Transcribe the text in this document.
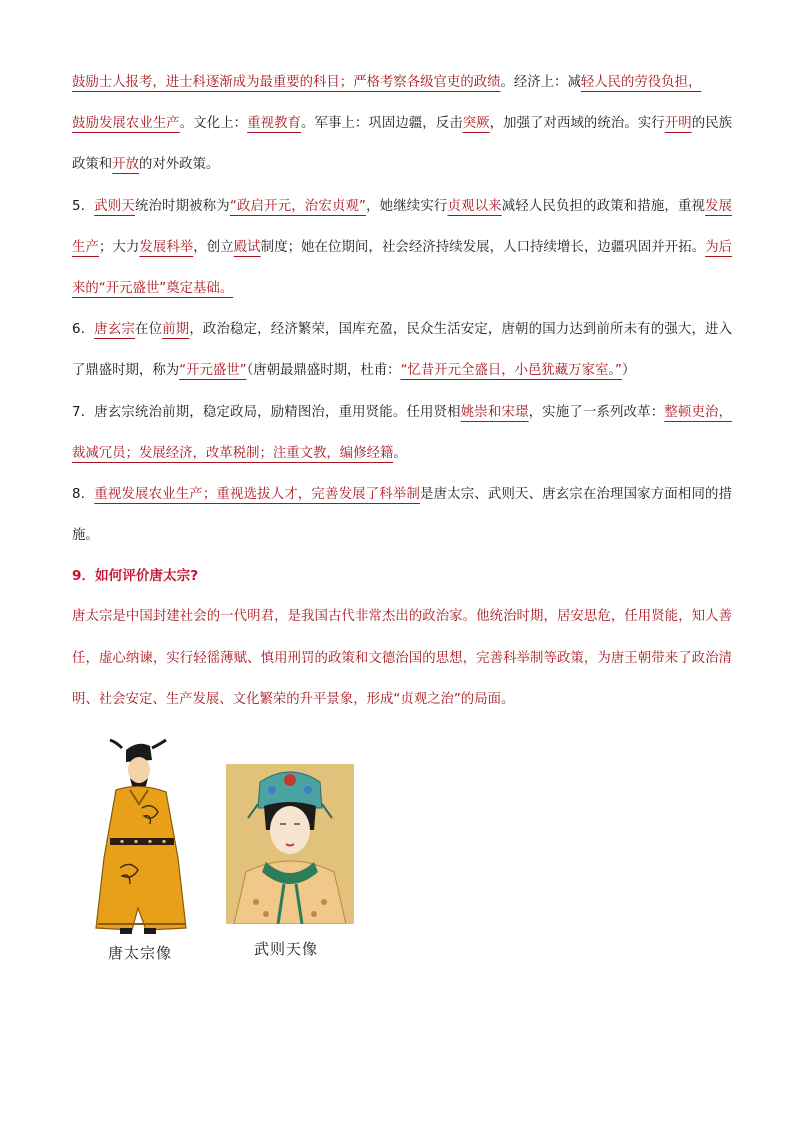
鼓励士人报考，进士科逐渐成为最重要的科目；严格考察各级官吏的政绩。经济上：减轻人民的劳役负担，
鼓励发展农业生产。文化上：重视教育。军事上：巩固边疆，反击突厥，加强了对西域的统治。实行开明的民族政策和开放的对外政策。

5．武则天统治时期被称为“政启开元，治宏贞观”，她继续实行贞观以来减轻人民负担的政策和措施，重视发展生产；大力发展科举，创立殿试制度；她在位期间，社会经济持续发展，人口持续增长，边疆巩固并开拓。为后来的“开元盛世”奠定基础。

6．唐玄宗在位前期，政治稳定，经济繁荣，国库充盈，民众生活安定，唐朝的国力达到前所未有的强大，进入了鼎盛时期，称为“开元盛世”（唐朝最鼎盛时期，杜甫：“忆昔开元全盛日，小邑犹藏万家室。”）

7．唐玄宗统治前期，稳定政局，励精图治，重用贤能。任用贤相姚崇和宋璟，实施了一系列改革：整顿吏治，裁减冗员；发展经济，改革税制；注重文教，编修经籍。

8．重视发展农业生产；重视选拔人才，完善发展了科举制是唐太宗、武则天、唐玄宗在治理国家方面相同的措施。

9．如何评价唐太宗?

唐太宗是中国封建社会的一代明君，是我国古代非常杰出的政治家。他统治时期，居安思危，任用贤能，知人善任，虚心纳谏，实行轻徭薄赋、慎用刑罚的政策和文德治国的思想，完善科举制等政策，为唐王朝带来了政治清明、社会安定、生产发展、文化繁荣的升平景象，形成“贞观之治”的局面。

唐太宗像	武则天像
